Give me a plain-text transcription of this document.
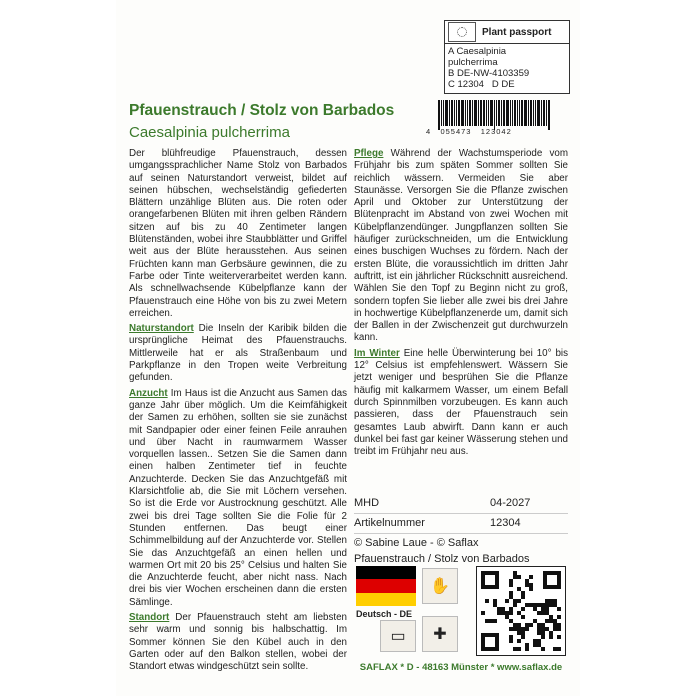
Plant passport
A Caesalpinia
pulcherrima
B DE-NW-4103359
C 12304 D DE
4 055473 123042
Pfauenstrauch / Stolz von Barbados
Caesalpinia pulcherrima

Der blühfreudige Pfauenstrauch, dessen umgangssprachlicher Name Stolz von Barbados auf seinen Naturstandort verweist, bildet auf seinen hübschen, wechselständig gefiederten Blättern unzählige Blüten aus. Die roten oder orangefarbenen Blüten mit ihren gelben Rändern sitzen auf bis zu 40 Zentimeter langen Blütenständen, wobei ihre Staubblätter und Griffel weit aus der Blüte herausstehen. Aus seinen Früchten kann man Gerbsäure gewinnen, die zu Farbe oder Tinte weiterverarbeitet werden kann. Als schnellwachsende Kübelpflanze kann der Pfauenstrauch eine Höhe von bis zu zwei Metern erreichen.

Naturstandort Die Inseln der Karibik bilden die ursprüngliche Heimat des Pfauenstrauchs. Mittlerweile hat er als Straßenbaum und Parkpflanze in den Tropen weite Verbreitung gefunden.

Anzucht Im Haus ist die Anzucht aus Samen das ganze Jahr über möglich. Um die Keimfähigkeit der Samen zu erhöhen, sollten sie sie zunächst mit Sandpapier oder einer feinen Feile anrauhen und über Nacht in raumwarmem Wasser vorquellen lassen.. Setzen Sie die Samen dann einen halben Zentimeter tief in feuchte Anzuchterde. Decken Sie das Anzuchtgefäß mit Klarsichtfolie ab, die Sie mit Löchern versehen. So ist die Erde vor Austrocknung geschützt. Alle zwei bis drei Tage sollten Sie die Folie für 2 Stunden entfernen. Das beugt einer Schimmelbildung auf der Anzuchterde vor. Stellen Sie das Anzuchtgefäß an einen hellen und warmen Ort mit 20 bis 25° Celsius und halten Sie die Anzuchterde feucht, aber nicht nass. Nach drei bis vier Wochen erscheinen dann die ersten Sämlinge.

Standort Der Pfauenstrauch steht am liebsten sehr warm und sonnig bis halbschattig. Im Sommer können Sie den Kübel auch in den Garten oder auf den Balkon stellen, wobei der Standort etwas windgeschützt sein sollte.

Pflege Während der Wachstumsperiode vom Frühjahr bis zum späten Sommer sollten Sie reichlich wässern. Vermeiden Sie aber Staunässe. Versorgen Sie die Pflanze zwischen April und Oktober zur Unterstützung der Blütenpracht im Abstand von zwei Wochen mit Kübelpflanzendünger. Jungpflanzen sollten Sie häufiger zurückschneiden, um die Entwicklung eines buschigen Wuchses zu fördern. Nach der ersten Blüte, die voraussichtlich im dritten Jahr auftritt, ist ein jährlicher Rückschnitt ausreichend. Wählen Sie den Topf zu Beginn nicht zu groß, sondern topfen Sie lieber alle zwei bis drei Jahre in hochwertige Kübelpflanzenerde um, damit sich der Ballen in der Zwischenzeit gut durchwurzeln kann.

Im Winter Eine helle Überwinterung bei 10° bis 12° Celsius ist empfehlenswert. Wässern Sie jetzt weniger und besprühen Sie die Pflanze häufig mit kalkarmem Wasser, um einem Befall durch Spinnmilben vorzubeugen. Es kann auch passieren, dass der Pfauenstrauch sein gesamtes Laub abwirft. Dann kann er auch dunkel bei fast gar keiner Wässerung stehen und treibt im Frühjahr neu aus.

MHD	04-2027
Artikelnummer	12304
© Sabine Laue - © Saflax
Pfauenstrauch / Stolz von Barbados
Deutsch - DE
✋
✚
▭
SAFLAX * D - 48163 Münster * www.saflax.de
